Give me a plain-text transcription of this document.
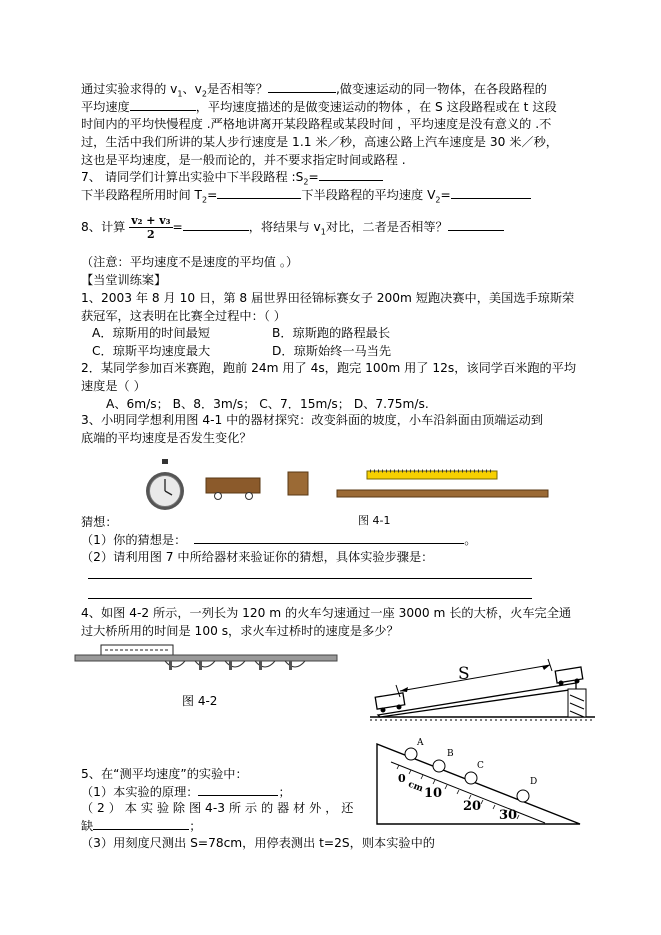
通过实验求得的 $v_1$、$v_2$是否相等？	,做变速运动的同一物体，在各段路程的
平均速度	，平均速度描述的是做变速运动的物体 ，在 S 这段路程或在 t 这段
时间内的平均快慢程度 .严格地讲离开某段路程或某段时间 ，平均速度是没有意义的 .不
过，生活中我们所讲的某人步行速度是 1.1 米／秒，高速公路上汽车速度是 30 米／秒，
这也是平均速度，是一般而论的，并不要求指定时间或路程 .
7、 请同学们计算出实验中下半段路程 $:S_2=$
下半段路程所用时间 $T_2=$	下半段路程的平均速度 $V_2=$
8、计算 $\frac{\text{v₂ + v₃}}{2}$ =	，将结果与 $v_1$对比，二者是否相等？
（注意：平均速度不是速度的平均值 。）
【当堂训练案】
1、2003 年 8 月 10 日，第 8 届世界田径锦标赛女子 200m 短跑决赛中，美国选手琼斯荣
获冠军，这表明在比赛全过程中：（ ）
A．琼斯用的时间最短	B．琼斯跑的路程最长
C．琼斯平均速度最大	D．琼斯始终一马当先
2．某同学参加百米赛跑，跑前 24m 用了 4s，跑完 100m 用了 12s，该同学百米跑的平均
速度是（ ）
A、6m/s； B、8．3m/s； C、7．15m/s； D、7.75m/s.
3、小明同学想利用图 4-1 中的器材探究：改变斜面的坡度，小车沿斜面由顶端运动到
底端的平均速度是否发生变化？
图 4-1
猜想：
（1）你的猜想是：	。
（2）请利用图 7 中所给器材来验证你的猜想，具体实验步骤是：
4、如图 4-2 所示，一列长为 120 m 的火车匀速通过一座 3000 m 长的大桥，火车完全通
过大桥所用的时间是 100 s，求火车过桥时的速度是多少？
图 4-2
S
5、在“测平均速度”的实验中：
（1）本实验的原理：	；
（ 2 ） 本 实 验 除 图 4-3 所 示 的 器 材 外 ， 还
缺	；
（3）用刻度尺测出 S=78cm，用停表测出 t=2S，则本实验中的
A
B
C
D
0
cm 10
20
30
